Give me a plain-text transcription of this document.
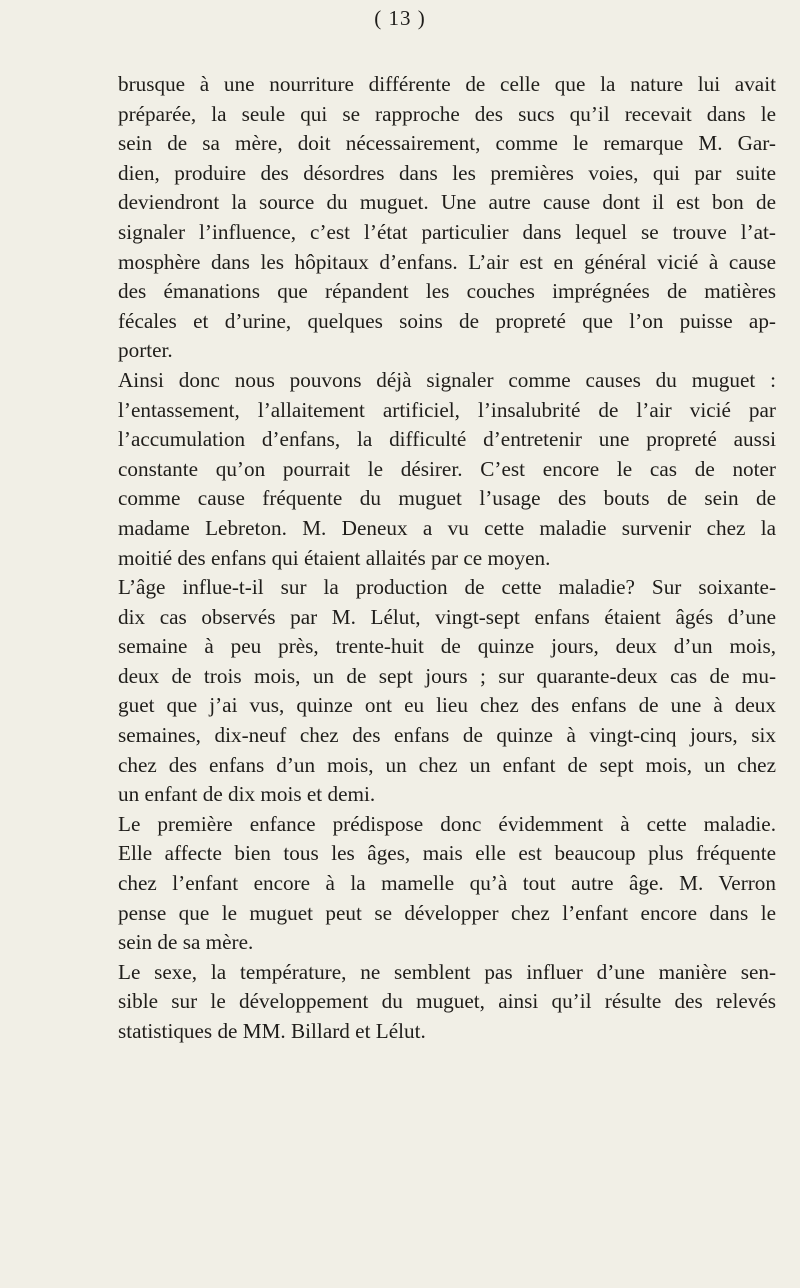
( 13 )

brusque à une nourriture différente de celle que la nature lui avait
préparée, la seule qui se rapproche des sucs qu’il recevait dans le
sein de sa mère, doit nécessairement, comme le remarque M. Gar-
dien, produire des désordres dans les premières voies, qui par suite
deviendront la source du muguet. Une autre cause dont il est bon de
signaler l’influence, c’est l’état particulier dans lequel se trouve l’at-
mosphère dans les hôpitaux d’enfans. L’air est en général vicié à cause
des émanations que répandent les couches imprégnées de matières
fécales et d’urine, quelques soins de propreté que l’on puisse ap-
porter.

Ainsi donc nous pouvons déjà signaler comme causes du muguet :
l’entassement, l’allaitement artificiel, l’insalubrité de l’air vicié par
l’accumulation d’enfans, la difficulté d’entretenir une propreté aussi
constante qu’on pourrait le désirer. C’est encore le cas de noter
comme cause fréquente du muguet l’usage des bouts de sein de
madame Lebreton. M. Deneux a vu cette maladie survenir chez la
moitié des enfans qui étaient allaités par ce moyen.

L’âge influe-t-il sur la production de cette maladie? Sur soixante-
dix cas observés par M. Lélut, vingt-sept enfans étaient âgés d’une
semaine à peu près, trente-huit de quinze jours, deux d’un mois,
deux de trois mois, un de sept jours ; sur quarante-deux cas de mu-
guet que j’ai vus, quinze ont eu lieu chez des enfans de une à deux
semaines, dix-neuf chez des enfans de quinze à vingt-cinq jours, six
chez des enfans d’un mois, un chez un enfant de sept mois, un chez
un enfant de dix mois et demi.

Le première enfance prédispose donc évidemment à cette maladie.
Elle affecte bien tous les âges, mais elle est beaucoup plus fréquente
chez l’enfant encore à la mamelle qu’à tout autre âge. M. Verron
pense que le muguet peut se développer chez l’enfant encore dans le
sein de sa mère.

Le sexe, la température, ne semblent pas influer d’une manière sen-
sible sur le développement du muguet, ainsi qu’il résulte des relevés
statistiques de MM. Billard et Lélut.
